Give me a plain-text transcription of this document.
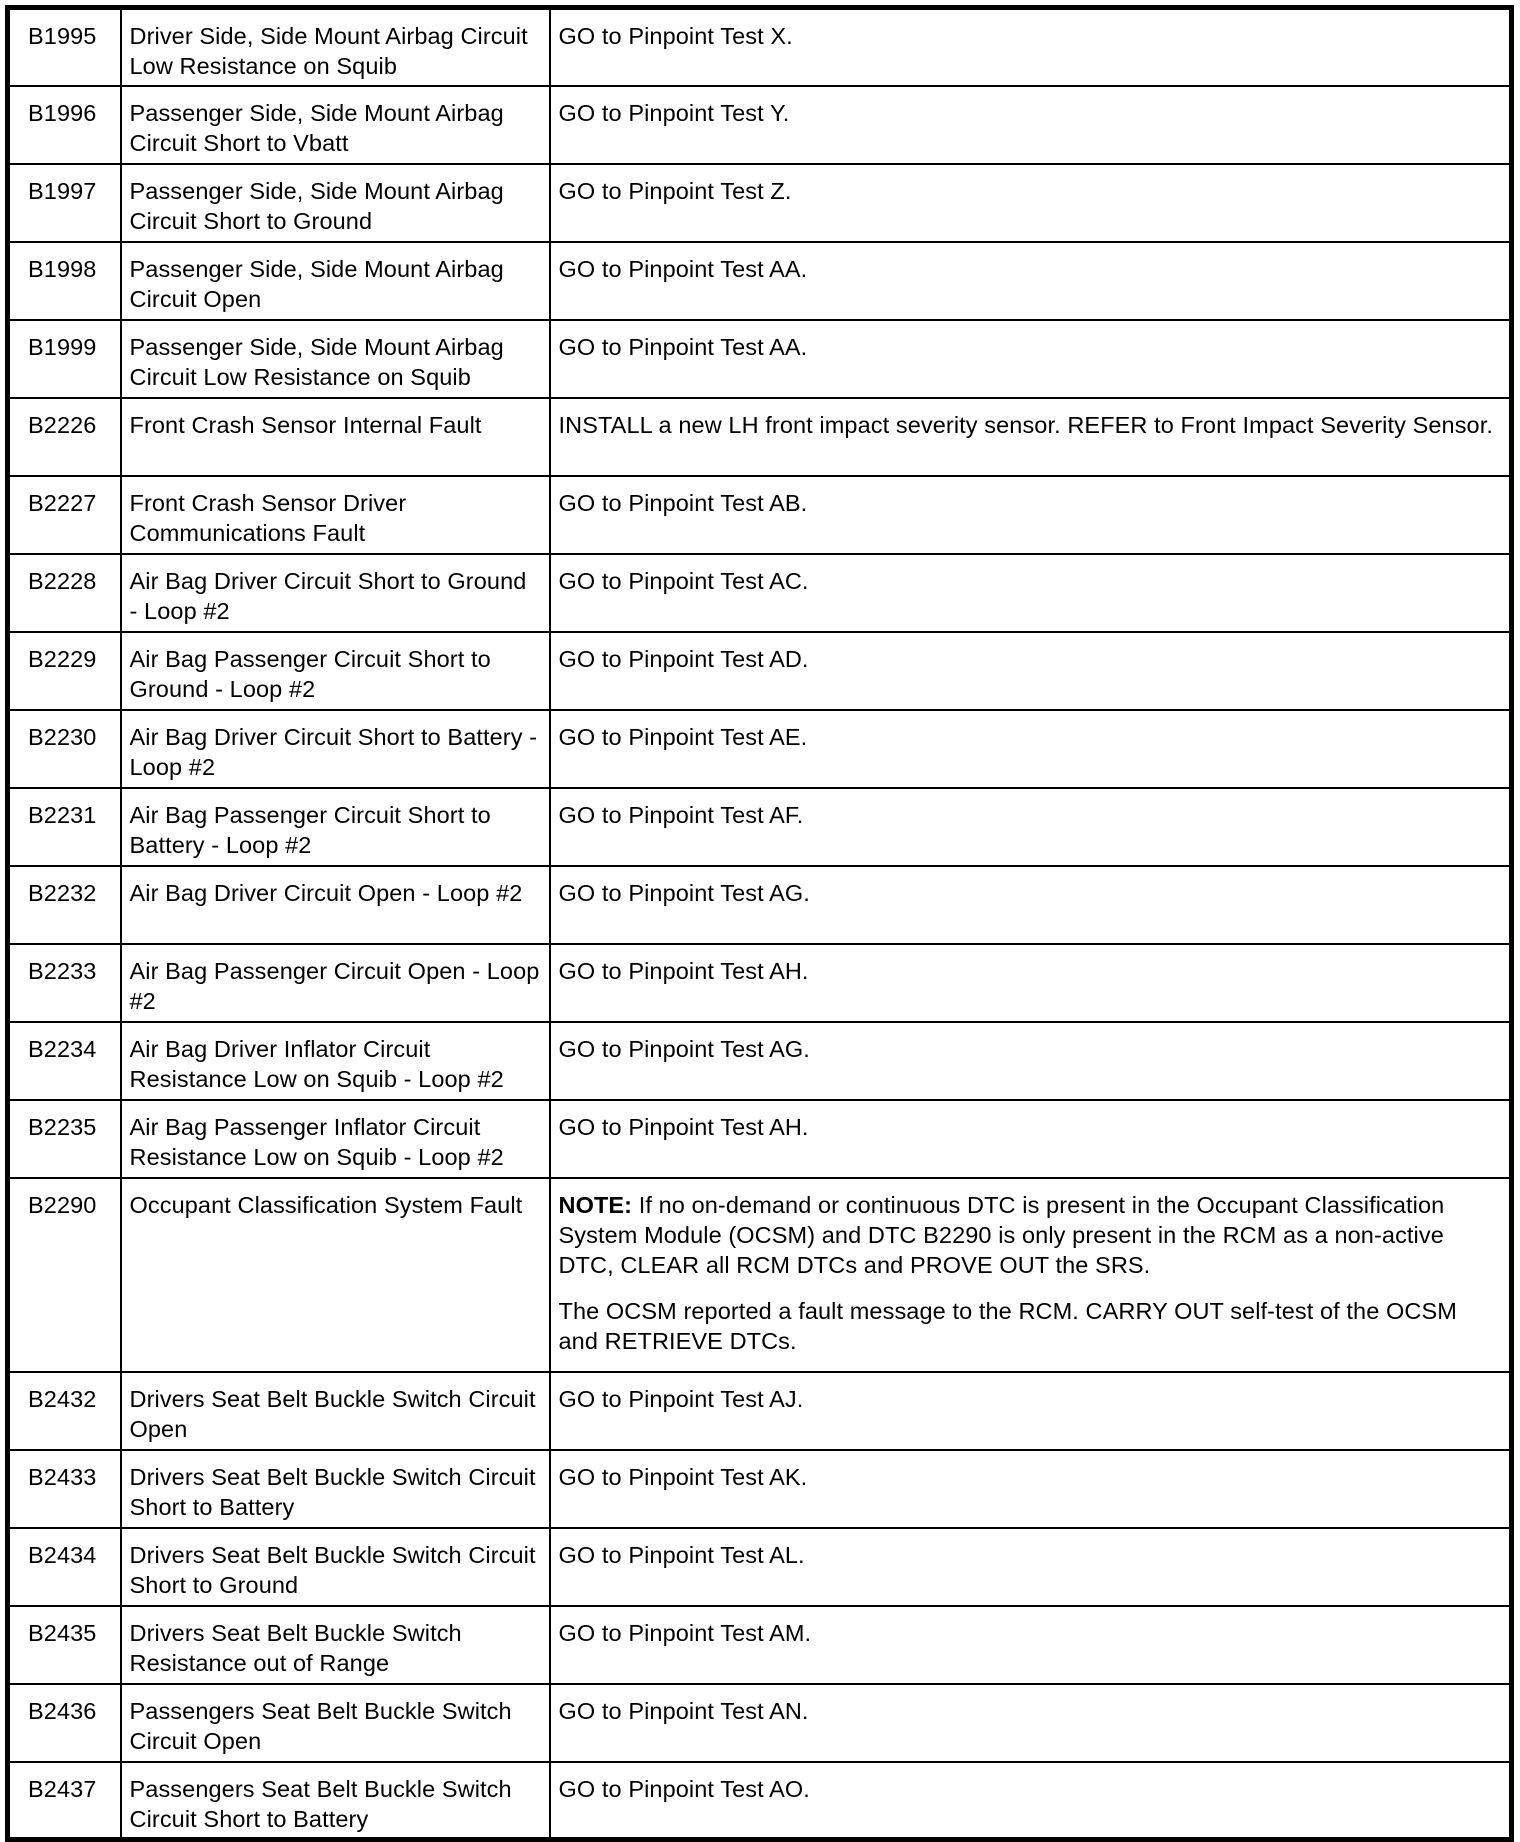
B1995	Driver Side, Side Mount Airbag Circuit Low Resistance on Squib	GO to Pinpoint Test X.

B1996	Passenger Side, Side Mount Airbag Circuit Short to Vbatt	GO to Pinpoint Test Y.

B1997	Passenger Side, Side Mount Airbag Circuit Short to Ground	GO to Pinpoint Test Z.

B1998	Passenger Side, Side Mount Airbag Circuit Open	GO to Pinpoint Test AA.

B1999	Passenger Side, Side Mount Airbag Circuit Low Resistance on Squib	GO to Pinpoint Test AA.

B2226	Front Crash Sensor Internal Fault	INSTALL a new LH front impact severity sensor. REFER to Front Impact Severity Sensor.

B2227	Front Crash Sensor Driver Communications Fault	GO to Pinpoint Test AB.

B2228	Air Bag Driver Circuit Short to Ground - Loop #2	GO to Pinpoint Test AC.

B2229	Air Bag Passenger Circuit Short to Ground - Loop #2	GO to Pinpoint Test AD.

B2230	Air Bag Driver Circuit Short to Battery - Loop #2	GO to Pinpoint Test AE.

B2231	Air Bag Passenger Circuit Short to Battery - Loop #2	GO to Pinpoint Test AF.

B2232	Air Bag Driver Circuit Open - Loop #2	GO to Pinpoint Test AG.

B2233	Air Bag Passenger Circuit Open - Loop #2	GO to Pinpoint Test AH.

B2234	Air Bag Driver Inflator Circuit Resistance Low on Squib - Loop #2	GO to Pinpoint Test AG.

B2235	Air Bag Passenger Inflator Circuit Resistance Low on Squib - Loop #2	GO to Pinpoint Test AH.

B2290	Occupant Classification System Fault	NOTE: If no on-demand or continuous DTC is present in the Occupant Classification System Module (OCSM) and DTC B2290 is only present in the RCM as a non-active DTC, CLEAR all RCM DTCs and PROVE OUT the SRS.

The OCSM reported a fault message to the RCM. CARRY OUT self-test of the OCSM and RETRIEVE DTCs.

B2432	Drivers Seat Belt Buckle Switch Circuit Open	GO to Pinpoint Test AJ.

B2433	Drivers Seat Belt Buckle Switch Circuit Short to Battery	GO to Pinpoint Test AK.

B2434	Drivers Seat Belt Buckle Switch Circuit Short to Ground	GO to Pinpoint Test AL.

B2435	Drivers Seat Belt Buckle Switch Resistance out of Range	GO to Pinpoint Test AM.

B2436	Passengers Seat Belt Buckle Switch Circuit Open	GO to Pinpoint Test AN.

B2437	Passengers Seat Belt Buckle Switch Circuit Short to Battery	GO to Pinpoint Test AO.
